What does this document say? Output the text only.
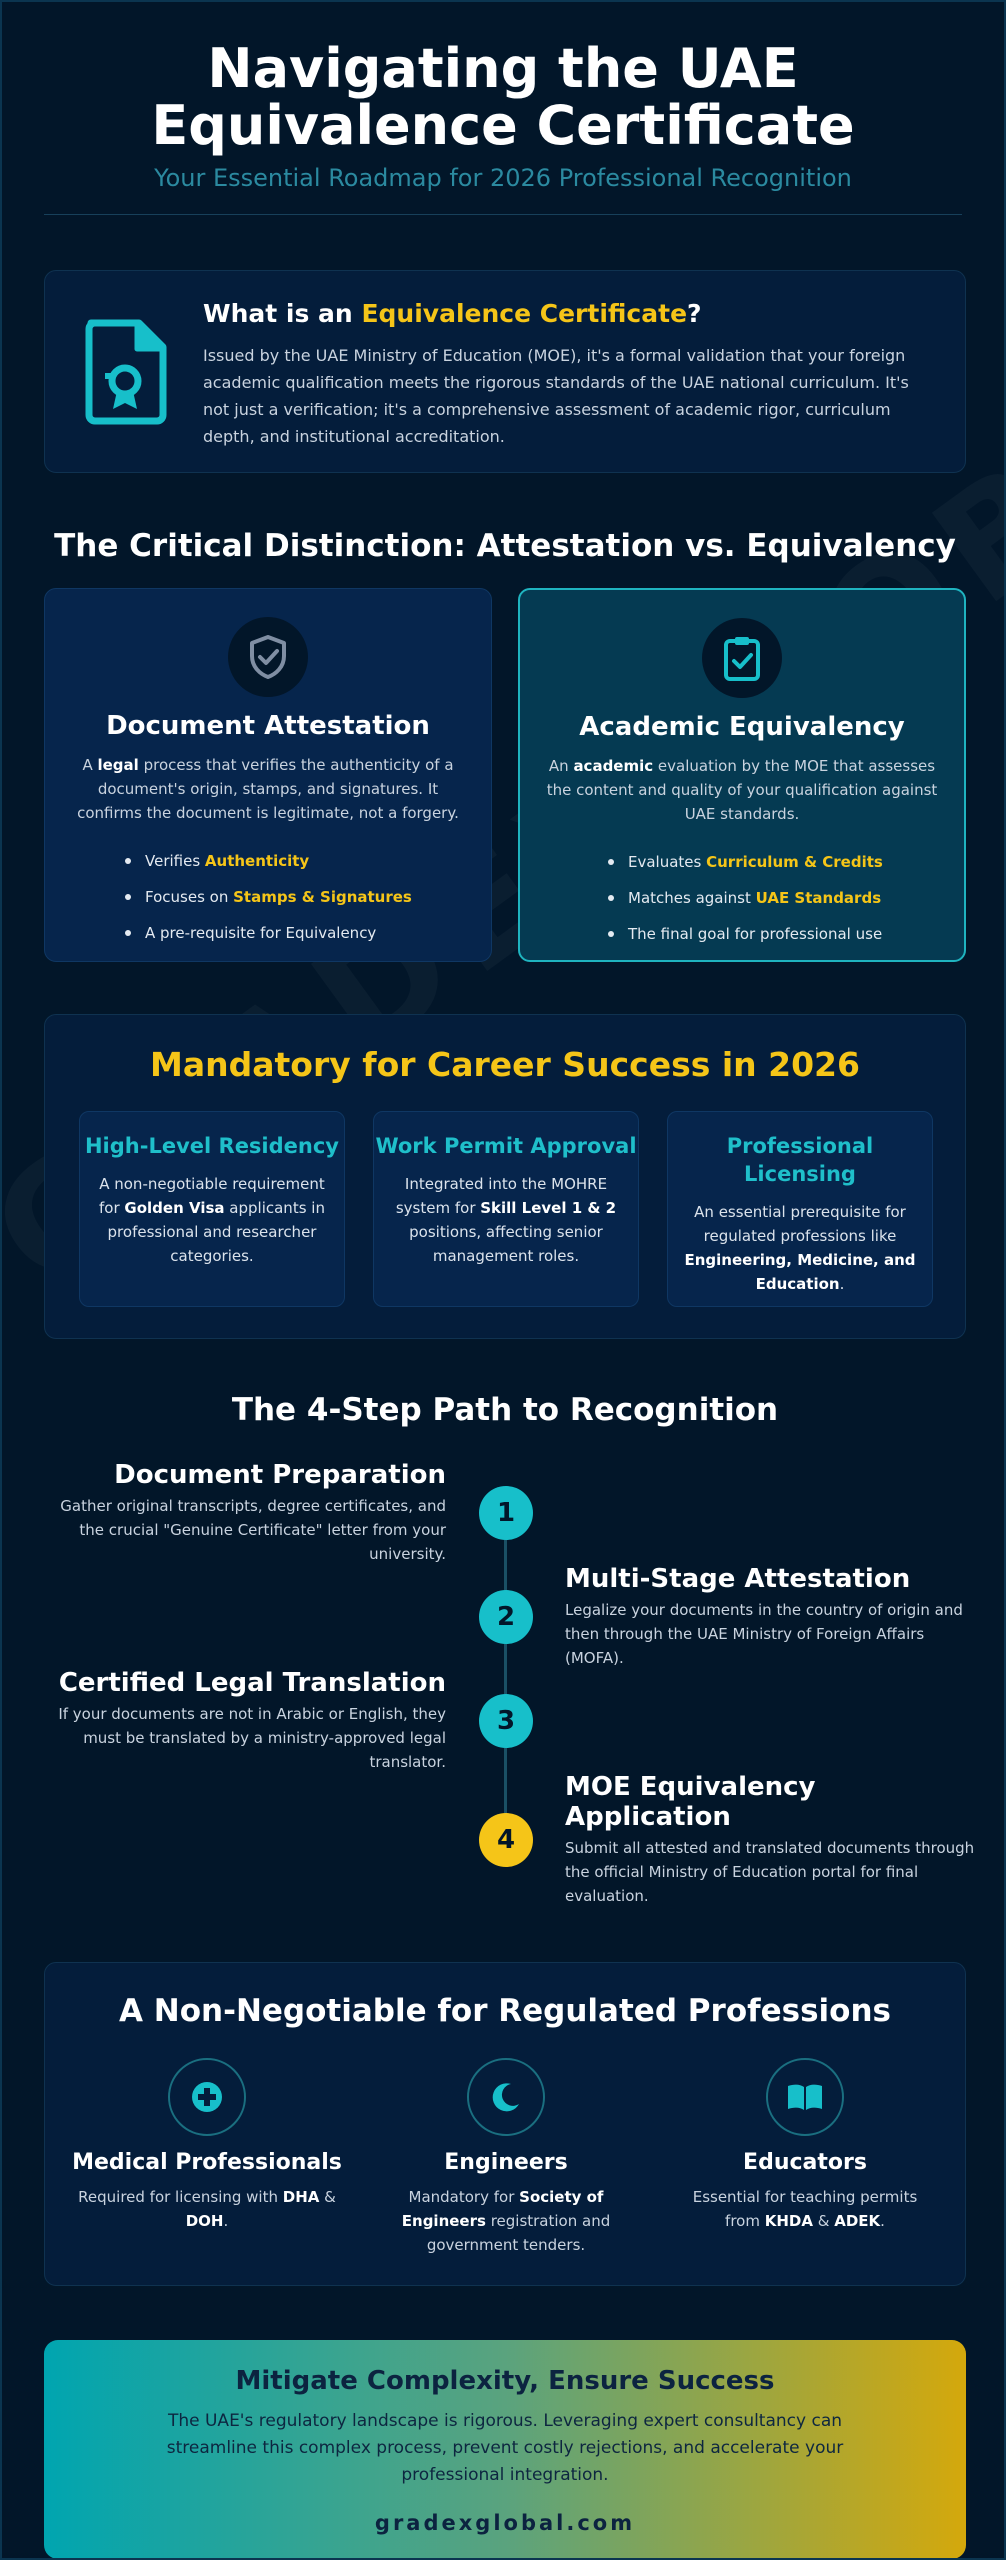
Navigating the UAE Equivalence Certificate
Your Essential Roadmap for 2026 Professional Recognition
What is an Equivalence Certificate?

Issued by the UAE Ministry of Education (MOE), it's a formal validation that your foreign academic qualification meets the rigorous standards of the UAE national curriculum. It's not just a verification; it's a comprehensive assessment of academic rigor, curriculum depth, and institutional accreditation.

The Critical Distinction: Attestation vs. Equivalency
Document Attestation
A legal process that verifies the authenticity of a document's origin, stamps, and signatures. It confirms the document is legitimate, not a forgery.
Verifies Authenticity
Focuses on Stamps & Signatures
A pre-requisite for Equivalency
Academic Equivalency
An academic evaluation by the MOE that assesses the content and quality of your qualification against UAE standards.
Evaluates Curriculum & Credits
Matches against UAE Standards
The final goal for professional use
Mandatory for Career Success in 2026
High-Level Residency

A non-negotiable requirement for Golden Visa applicants in professional and researcher categories.

Work Permit Approval

Integrated into the MOHRE system for Skill Level 1 & 2 positions, affecting senior management roles.

Professional Licensing

An essential prerequisite for regulated professions like Engineering, Medicine, and Education.

The 4-Step Path to Recognition
1
2
3
4
Document Preparation

Gather original transcripts, degree certificates, and the crucial "Genuine Certificate" letter from your university.

Multi-Stage Attestation

Legalize your documents in the country of origin and then through the UAE Ministry of Foreign Affairs (MOFA).

Certified Legal Translation

If your documents are not in Arabic or English, they must be translated by a ministry-approved legal translator.

MOE Equivalency Application

Submit all attested and translated documents through the official Ministry of Education portal for final evaluation.

A Non-Negotiable for Regulated Professions
Medical Professionals

Required for licensing with DHA & DOH.

Engineers

Mandatory for Society of Engineers registration and government tenders.

Educators

Essential for teaching permits from KHDA & ADEK.

Mitigate Complexity, Ensure Success

The UAE's regulatory landscape is rigorous. Leveraging expert consultancy can streamline this complex process, prevent costly rejections, and accelerate your professional integration.

gradexglobal.com
